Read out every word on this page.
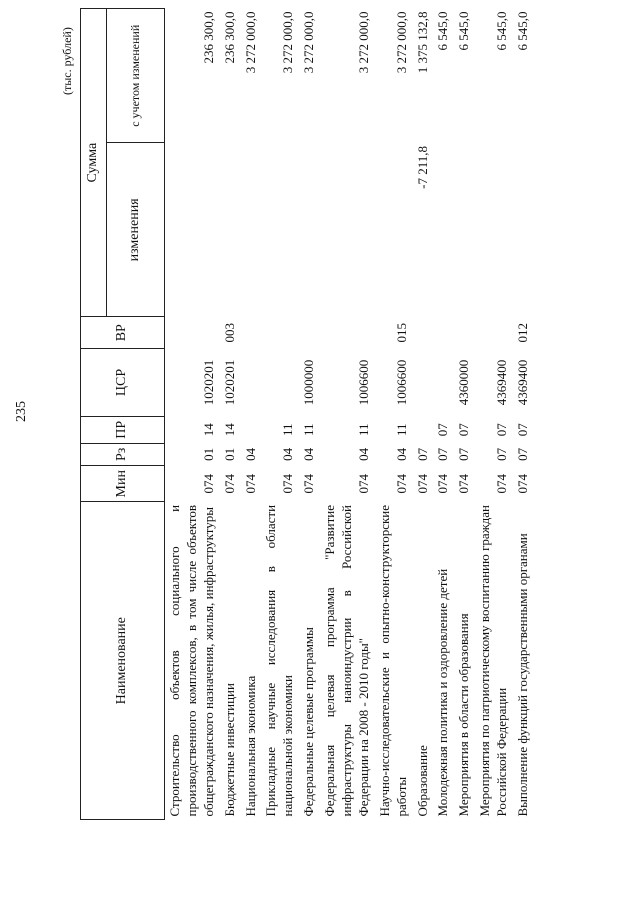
235
(тыс. рублей)
Наименование	Мин	Рз	ПР	ЦСР	ВР	Сумма	
						изменения	с учетом изменений
Строительство объектов социального и производственного комплексов, в том числе объектов общегражданского назначения, жилья, инфраструктуры	074	01	14	1020201			236 300,0
Бюджетные инвестиции	074	01	14	1020201	003		236 300,0
Национальная экономика	074	04					3 272 000,0
Прикладные научные исследования в области национальной экономики	074	04	11				3 272 000,0
Федеральные целевые программы	074	04	11	1000000			3 272 000,0
Федеральная целевая программа "Развитие инфраструктуры наноиндустрии в Российской Федерации на 2008 - 2010 годы"	074	04	11	1006600			3 272 000,0
Научно-исследовательские и опытно-конструкторские работы	074	04	11	1006600	015		3 272 000,0
Образование	074	07				-7 211,8	1 375 132,8
Молодежная политика и оздоровление детей	074	07	07				6 545,0
Мероприятия в области образования	074	07	07	4360000			6 545,0
Мероприятия по патриотическому воспитанию граждан Российской Федерации	074	07	07	4369400			6 545,0
Выполнение функций государственными органами	074	07	07	4369400	012		6 545,0
